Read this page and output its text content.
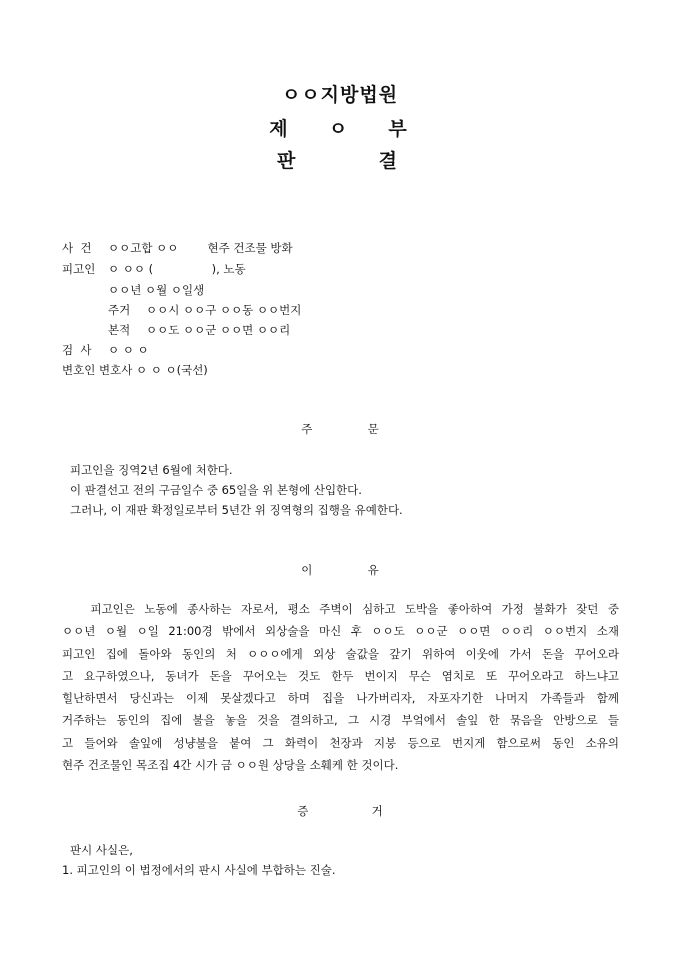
ㅇㅇ지방법원
제 ㅇ 부
판	결
사  건 ㅇㅇ고합 ㅇㅇ        현주 건조물 방화
피고인 ㅇ ㅇㅇ (                ), 노동
ㅇㅇ년 ㅇ월 ㅇ일생
주거 ㅇㅇ시 ㅇㅇ구 ㅇㅇ동 ㅇㅇ번지
본적 ㅇㅇ도 ㅇㅇ군 ㅇㅇ면 ㅇㅇ리
검  사 ㅇ ㅇ ㅇ
변호인 변호사 ㅇ ㅇ ㅇ(국선)
주	문
피고인을 징역2년 6월에 처한다.
이 판결선고 전의 구금일수 중 65일을 위 본형에 산입한다.
그러나, 이 재판 확정일로부터 5년간 위 징역형의 집행을 유예한다.
이	유
피고인은 노동에 종사하는 자로서, 평소 주벽이 심하고 도박을 좋아하여 가정 불화가 잦던 중
ㅇㅇ년 ㅇ월 ㅇ일 21:00경 밖에서 외상술을 마신 후 ㅇㅇ도 ㅇㅇ군 ㅇㅇ면 ㅇㅇ리 ㅇㅇ번지 소재
피고인 집에 돌아와 동인의 처 ㅇㅇㅇ에게 외상 술값을 갚기 위하여 이웃에 가서 돈을 꾸어오라
고 요구하였으나, 동녀가 돈을 꾸어오는 것도 한두 번이지 무슨 염치로 또 꾸어오라고 하느냐고
힐난하면서 당신과는 이제 못살겠다고 하며 집을 나가버리자, 자포자기한 나머지 가족들과 함께
거주하는 동인의 집에 불을 놓을 것을 결의하고, 그 시경 부엌에서 솔잎 한 묶음을 안방으로 들
고 들어와 솔잎에 성냥불을 붙여 그 화력이 천장과 지붕 등으로 번지게 함으로써 동인 소유의
현주 건조물인 목조집 4간 시가 금 ㅇㅇ원 상당을 소훼케 한 것이다.
증	거
판시 사실은,
1. 피고인의 이 법정에서의 판시 사실에 부합하는 진술.
